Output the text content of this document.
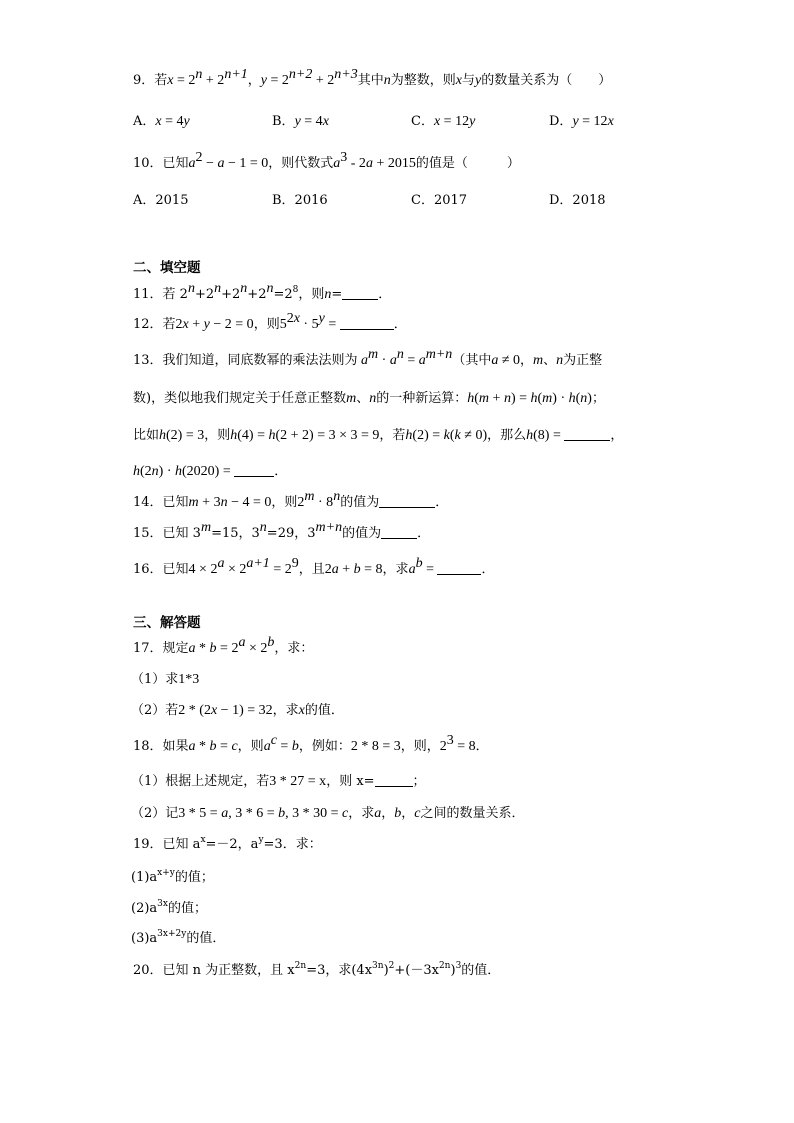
9．若$x = 2^n + 2^{n+1}$，$y = 2^{n+2} + 2^{n+3}$其中n为整数，则x与y的数量关系为（　　）
A．x = 4y	B．y = 4x	C．x = 12y	D．y = 12x
10．已知$a^2 - a - 1 = 0$，则代数式$a^3 - 2a + 2015$的值是（　　　）
A．2015	B．2016	C．2017	D．2018
二、填空题
11．若 $2^n+2^n+2^n+2^n=2^8$，则n=	．
12．若2x + y − 2 = 0，则$5^{2x} \cdot 5^y$ =	．
13．我们知道，同底数幂的乘法法则为 $a^m \cdot a^n = a^{m+n}$（其中a ≠ 0，m、n为正整
数)，类似地我们规定关于任意正整数m、n的一种新运算：h(m + n) = h(m) · h(n)；
比如h(2) = 3，则h(4) = h(2 + 2) = 3 × 3 = 9，若h(2) = k(k ≠ 0)，那么h(8) =	，
h(2n) · h(2020) =	．
14．已知m + 3n − 4 = 0，则$2^m \cdot 8^n$的值为	．
15．已知 $3^m=15$，$3^n=29$，$3^{m+n}$的值为	．
16．已知$4 \times 2^a \times 2^{a+1} = 2^9$，且2a + b = 8，求$a^b$ =	．
三、解答题
17．规定$a * b = 2^a \times 2^b$，求：
（1）求1*3
（2）若2 * (2x − 1) = 32，求x的值．
18．如果a * b = c，则$a^c = b$，例如：2 * 8 = 3，则，$2^3 = 8$．
（1）根据上述规定，若3 * 27 = x，则 x=	；
（2）记3 * 5 = a, 3 * 6 = b, 3 * 30 = c，求a，b，c之间的数量关系．
19．已知 $a^x=-2$，$a^y=3$．求：
$(1)a^{x+y}$的值；
$(2)a^{3x}$的值；
$(3)a^{3x+2y}$的值．
20．已知 n 为正整数，且 $x^{2n}=3$，求$(4x^{3n})^2+(-3x^{2n})^3$的值．
